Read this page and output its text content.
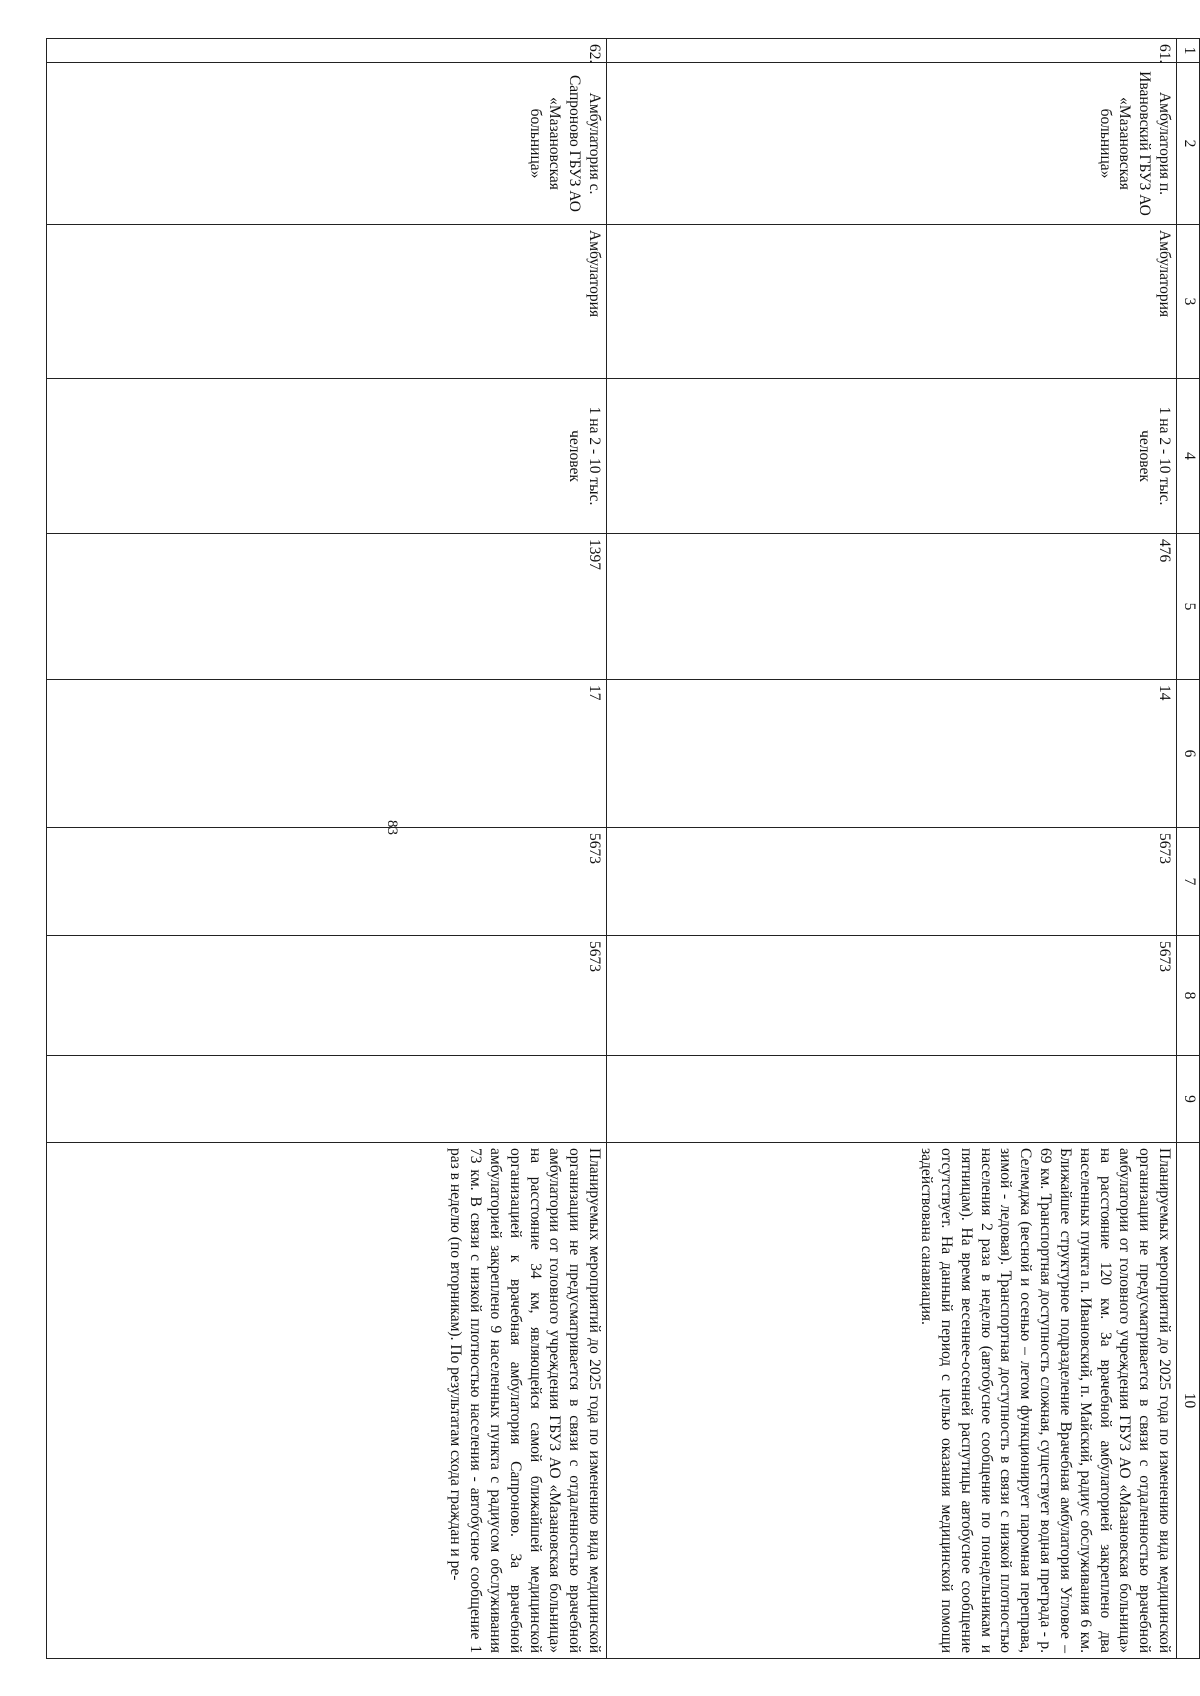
83
1	2	3	4	5	6	7	8	9	10
61.	Амбулатория п. Ивановский ГБУЗ АО «Мазановская больница»	Амбулатория	1 на 2 - 10 тыс. человек	476	14	5673	5673		Планируемых мероприятий до 2025 года по изменению вида медицинской организации не предусматривается в связи с отдаленностью врачебной амбулатории от головного учреждения ГБУЗ АО «Мазановская больница» на расстояние 120 км. За врачебной амбулаторией закреплено два населенных пункта п. Ивановский, п. Майский, радиус обслуживания 6 км. Ближайшее структурное подразделение Врачебная амбулатория Угловое – 69 км. Транспортная доступность сложная, существует водная преграда - р. Селемджа (весной и осенью – летом функционирует паромная переправа, зимой - ледовая). Транспортная доступность в связи с низкой плотностью населения 2 раза в неделю (автобусное сообщение по понедельникам и пятницам). На время весеннее-осенней распутицы автобусное сообщение отсутствует. На данный период с целью оказания медицинской помощи задействована санавиация.
62.	Амбулатория с. Сапроново ГБУЗ АО «Мазановская больница»	Амбулатория	1 на 2 - 10 тыс. человек	1397	17	5673	5673		Планируемых мероприятий до 2025 года по изменению вида медицинской организации не предусматривается в связи с отдаленностью врачебной амбулатории от головного учреждения ГБУЗ АО «Мазановская больница» на расстояние 34 км, являющейся самой ближайшей медицинской организацией к врачебная амбулатория Сапроново. За врачебной амбулаторией закреплено 9 населенных пункта с радиусом обслуживания 73 км. В связи с низкой плотностью населения - автобусное сообщение 1 раз в неделю (по вторникам). По результатам схода граждан и ре-
